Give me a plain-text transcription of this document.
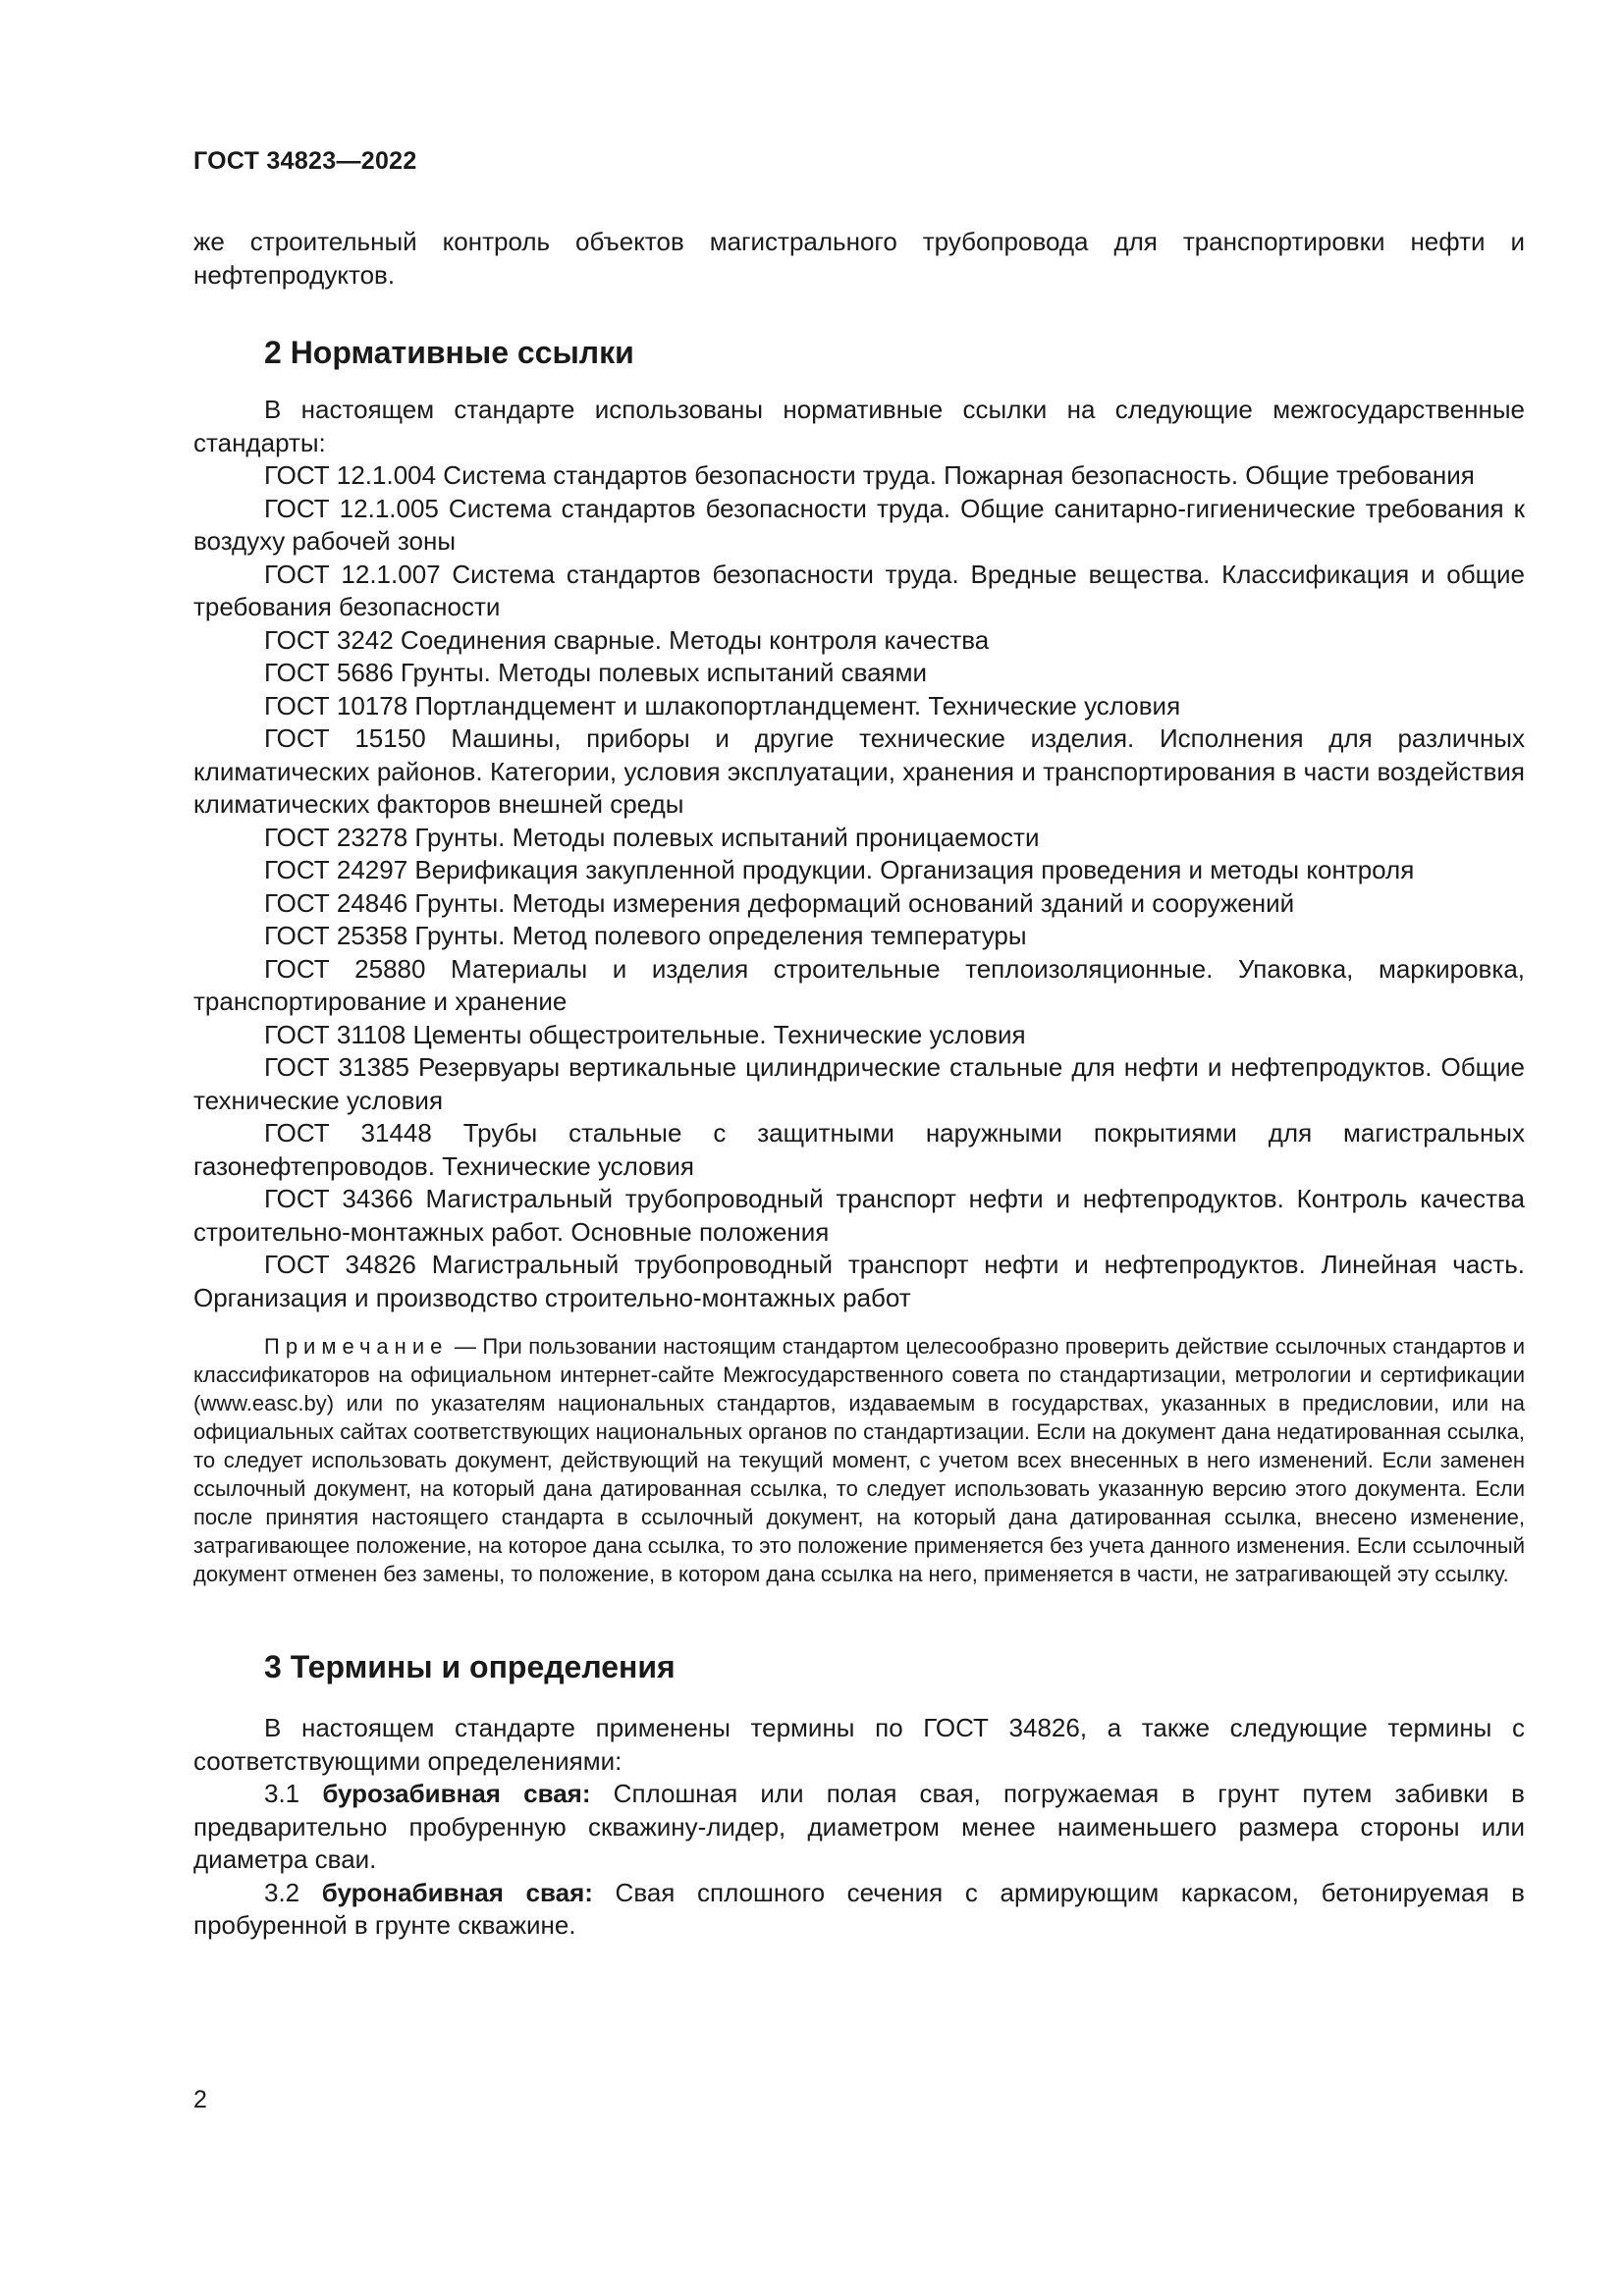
ГОСТ 34823—2022

же строительный контроль объектов магистрального трубопровода для транспортировки нефти и нефтепродуктов.

2 Нормативные ссылки

В настоящем стандарте использованы нормативные ссылки на следующие межгосударственные стандарты:

ГОСТ 12.1.004 Система стандартов безопасности труда. Пожарная безопасность. Общие требования

ГОСТ 12.1.005 Система стандартов безопасности труда. Общие санитарно-гигиенические требования к воздуху рабочей зоны

ГОСТ 12.1.007 Система стандартов безопасности труда. Вредные вещества. Классификация и общие требования безопасности

ГОСТ 3242 Соединения сварные. Методы контроля качества

ГОСТ 5686 Грунты. Методы полевых испытаний сваями

ГОСТ 10178 Портландцемент и шлакопортландцемент. Технические условия

ГОСТ 15150 Машины, приборы и другие технические изделия. Исполнения для различных климатических районов. Категории, условия эксплуатации, хранения и транспортирования в части воздействия климатических факторов внешней среды

ГОСТ 23278 Грунты. Методы полевых испытаний проницаемости

ГОСТ 24297 Верификация закупленной продукции. Организация проведения и методы контроля

ГОСТ 24846 Грунты. Методы измерения деформаций оснований зданий и сооружений

ГОСТ 25358 Грунты. Метод полевого определения температуры

ГОСТ 25880 Материалы и изделия строительные теплоизоляционные. Упаковка, маркировка, транспортирование и хранение

ГОСТ 31108 Цементы общестроительные. Технические условия

ГОСТ 31385 Резервуары вертикальные цилиндрические стальные для нефти и нефтепродуктов. Общие технические условия

ГОСТ 31448 Трубы стальные с защитными наружными покрытиями для магистральных газонефтепроводов. Технические условия

ГОСТ 34366 Магистральный трубопроводный транспорт нефти и нефтепродуктов. Контроль качества строительно-монтажных работ. Основные положения

ГОСТ 34826 Магистральный трубопроводный транспорт нефти и нефтепродуктов. Линейная часть. Организация и производство строительно-монтажных работ

Примечание — При пользовании настоящим стандартом целесообразно проверить действие ссылочных стандартов и классификаторов на официальном интернет-сайте Межгосударственного совета по стандартизации, метрологии и сертификации (www.easc.by) или по указателям национальных стандартов, издаваемым в государствах, указанных в предисловии, или на официальных сайтах соответствующих национальных органов по стандартизации. Если на документ дана недатированная ссылка, то следует использовать документ, действующий на текущий момент, с учетом всех внесенных в него изменений. Если заменен ссылочный документ, на который дана датированная ссылка, то следует использовать указанную версию этого документа. Если после принятия настоящего стандарта в ссылочный документ, на который дана датированная ссылка, внесено изменение, затрагивающее положение, на которое дана ссылка, то это положение применяется без учета данного изменения. Если ссылочный документ отменен без замены, то положение, в котором дана ссылка на него, применяется в части, не затрагивающей эту ссылку.

3 Термины и определения

В настоящем стандарте применены термины по ГОСТ 34826, а также следующие термины с соответствующими определениями:

3.1 бурозабивная свая: Сплошная или полая свая, погружаемая в грунт путем забивки в предварительно пробуренную скважину-лидер, диаметром менее наименьшего размера стороны или диаметра сваи.

3.2 буронабивная свая: Свая сплошного сечения с армирующим каркасом, бетонируемая в пробуренной в грунте скважине.

2
